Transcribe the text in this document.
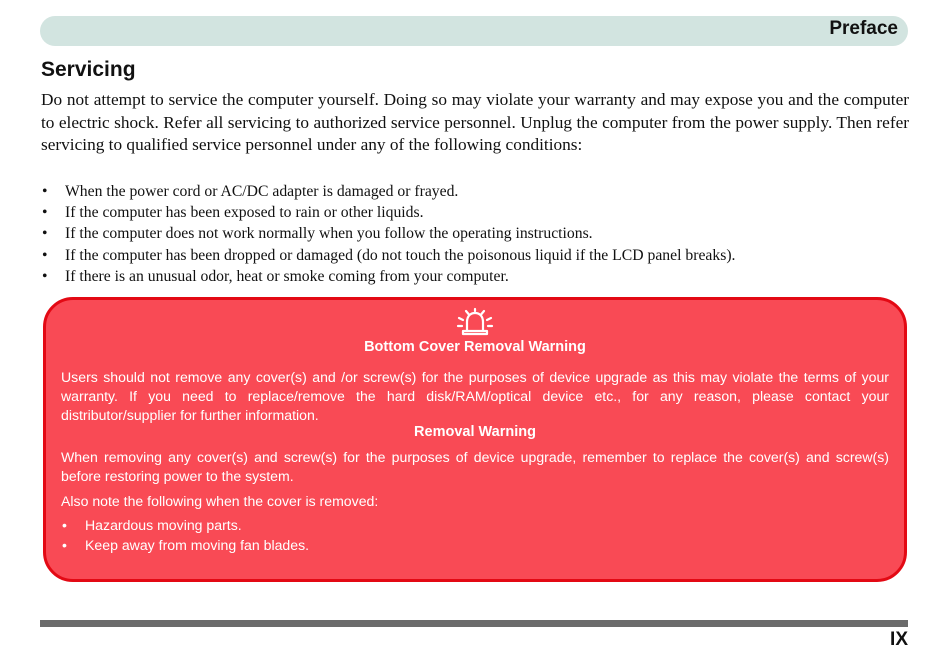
Preface
Servicing

Do not attempt to service the computer yourself. Doing so may violate your warranty and may expose you and the computer to electric shock. Refer all servicing to authorized service personnel. Unplug the computer from the power supply. Then refer servicing to qualified service personnel under any of the following conditions:

• When the power cord or AC/DC adapter is damaged or frayed.
• If the computer has been exposed to rain or other liquids.
• If the computer does not work normally when you follow the operating instructions.
• If the computer has been dropped or damaged (do not touch the poisonous liquid if the LCD panel breaks).
• If there is an unusual odor, heat or smoke coming from your computer.
Bottom Cover Removal Warning

Users should not remove any cover(s) and /or screw(s) for the purposes of device upgrade as this may violate the terms of your warranty. If you need to replace/remove the hard disk/RAM/optical device etc., for any reason, please contact your distributor/supplier for further information.

Removal Warning

When removing any cover(s) and screw(s) for the purposes of device upgrade, remember to replace the cover(s) and screw(s) before restoring power to the system.

Also note the following when the cover is removed:

• Hazardous moving parts.
• Keep away from moving fan blades.
IX
